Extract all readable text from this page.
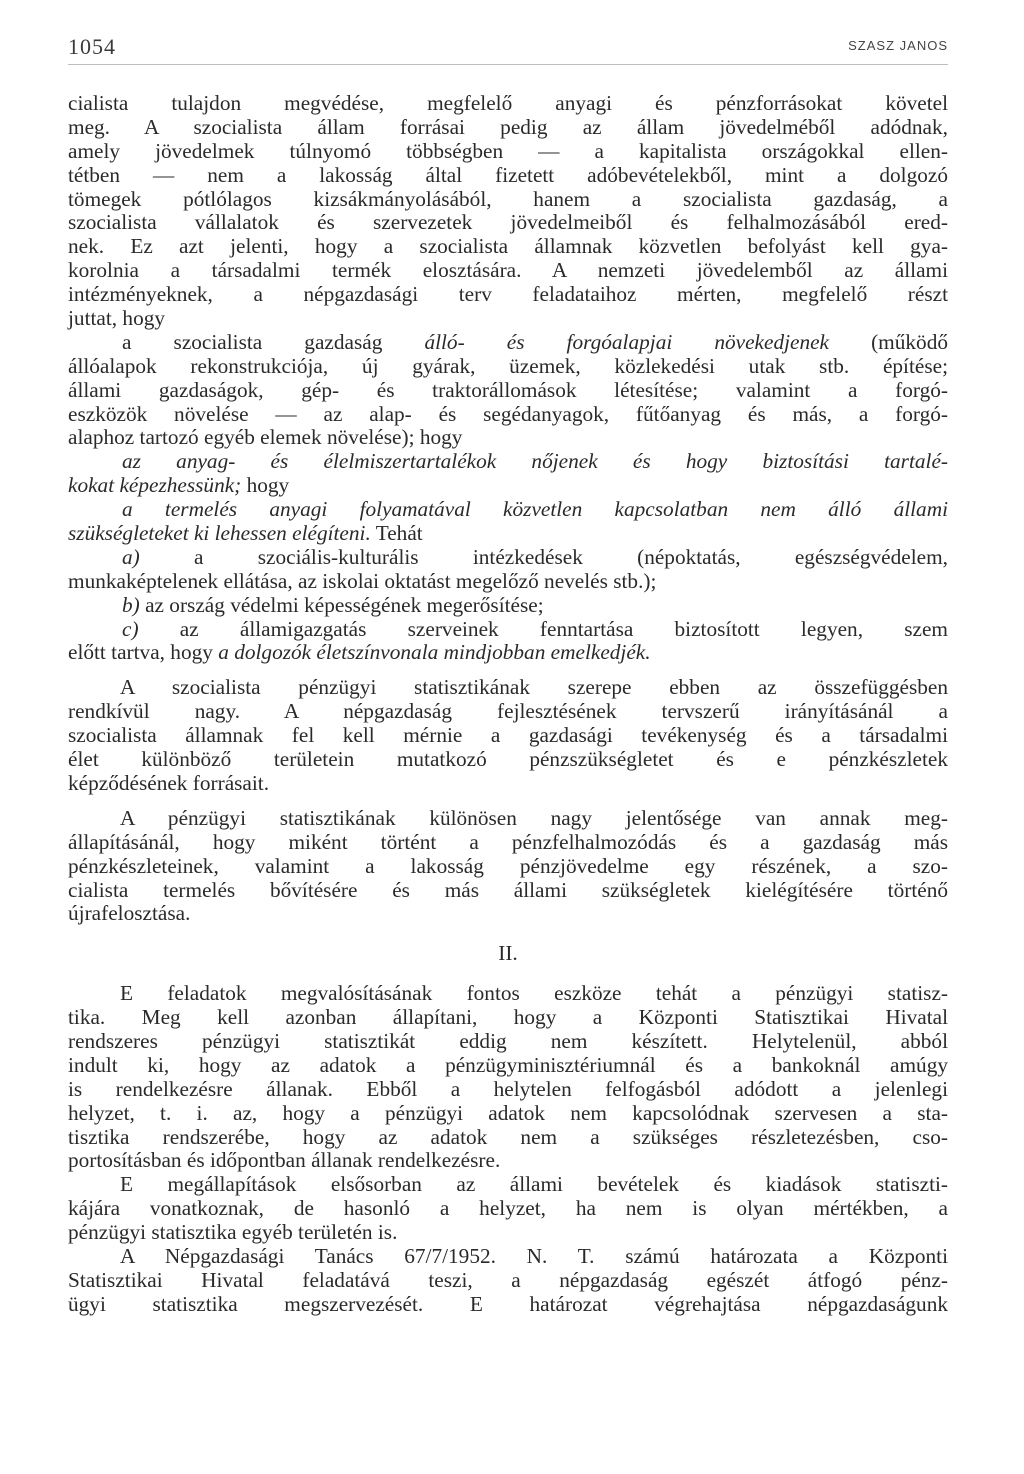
1054	SZASZ JANOS
cialista tulajdon megvédése, megfelelő anyagi és pénzforrásokat követel
meg. A szocialista állam forrásai pedig az állam jövedelméből adódnak,
amely jövedelmek túlnyomó többségben — a kapitalista országokkal ellen-
tétben — nem a lakosság által fizetett adóbevételekből, mint a dolgozó
tömegek pótlólagos kizsákmányolásából, hanem a szocialista gazdaság, a
szocialista vállalatok és szervezetek jövedelmeiből és felhalmozásából ered-
nek. Ez azt jelenti, hogy a szocialista államnak közvetlen befolyást kell gya-
korolnia a társadalmi termék elosztására. A nemzeti jövedelemből az állami
intézményeknek, a népgazdasági terv feladataihoz mérten, megfelelő részt
juttat, hogy
a szocialista gazdaság álló- és forgóalapjai növekedjenek (működő
állóalapok rekonstrukciója, új gyárak, üzemek, közlekedési utak stb. építése;
állami gazdaságok, gép- és traktorállomások létesítése; valamint a forgó-
eszközök növelése — az alap- és segédanyagok, fűtőanyag és más, a forgó-
alaphoz tartozó egyéb elemek növelése); hogy
az anyag- és élelmiszertartalékok nőjenek és hogy biztosítási tartalé-
kokat képezhessünk; hogy
a termelés anyagi folyamatával közvetlen kapcsolatban nem álló állami
szükségleteket ki lehessen elégíteni. Tehát
a) a szociális-kulturális intézkedések (népoktatás, egészségvédelem,
munkaképtelenek ellátása, az iskolai oktatást megelőző nevelés stb.);
b) az ország védelmi képességének megerősítése;
c) az államigazgatás szerveinek fenntartása biztosított legyen, szem
előtt tartva, hogy a dolgozók életszínvonala mindjobban emelkedjék.
A szocialista pénzügyi statisztikának szerepe ebben az összefüggésben
rendkívül nagy. A népgazdaság fejlesztésének tervszerű irányításánál a
szocialista államnak fel kell mérnie a gazdasági tevékenység és a társadalmi
élet különböző területein mutatkozó pénzszükségletet és e pénzkészletek
képződésének forrásait.
A pénzügyi statisztikának különösen nagy jelentősége van annak meg-
állapításánál, hogy miként történt a pénzfelhalmozódás és a gazdaság más
pénzkészleteinek, valamint a lakosság pénzjövedelme egy részének, a szo-
cialista termelés bővítésére és más állami szükségletek kielégítésére történő
újrafelosztása.
II.
E feladatok megvalósításának fontos eszköze tehát a pénzügyi statisz-
tika. Meg kell azonban állapítani, hogy a Központi Statisztikai Hivatal
rendszeres pénzügyi statisztikát eddig nem készített. Helytelenül, abból
indult ki, hogy az adatok a pénzügyminisztériumnál és a bankoknál amúgy
is rendelkezésre állanak. Ebből a helytelen felfogásból adódott a jelenlegi
helyzet, t. i. az, hogy a pénzügyi adatok nem kapcsolódnak szervesen a sta-
tisztika rendszerébe, hogy az adatok nem a szükséges részletezésben, cso-
portosításban és időpontban állanak rendelkezésre.
E megállapítások elsősorban az állami bevételek és kiadások statiszti-
kájára vonatkoznak, de hasonló a helyzet, ha nem is olyan mértékben, a
pénzügyi statisztika egyéb területén is.
A Népgazdasági Tanács 67/7/1952. N. T. számú határozata a Központi
Statisztikai Hivatal feladatává teszi, a népgazdaság egészét átfogó pénz-
ügyi statisztika megszervezését. E határozat végrehajtása népgazdaságunk
